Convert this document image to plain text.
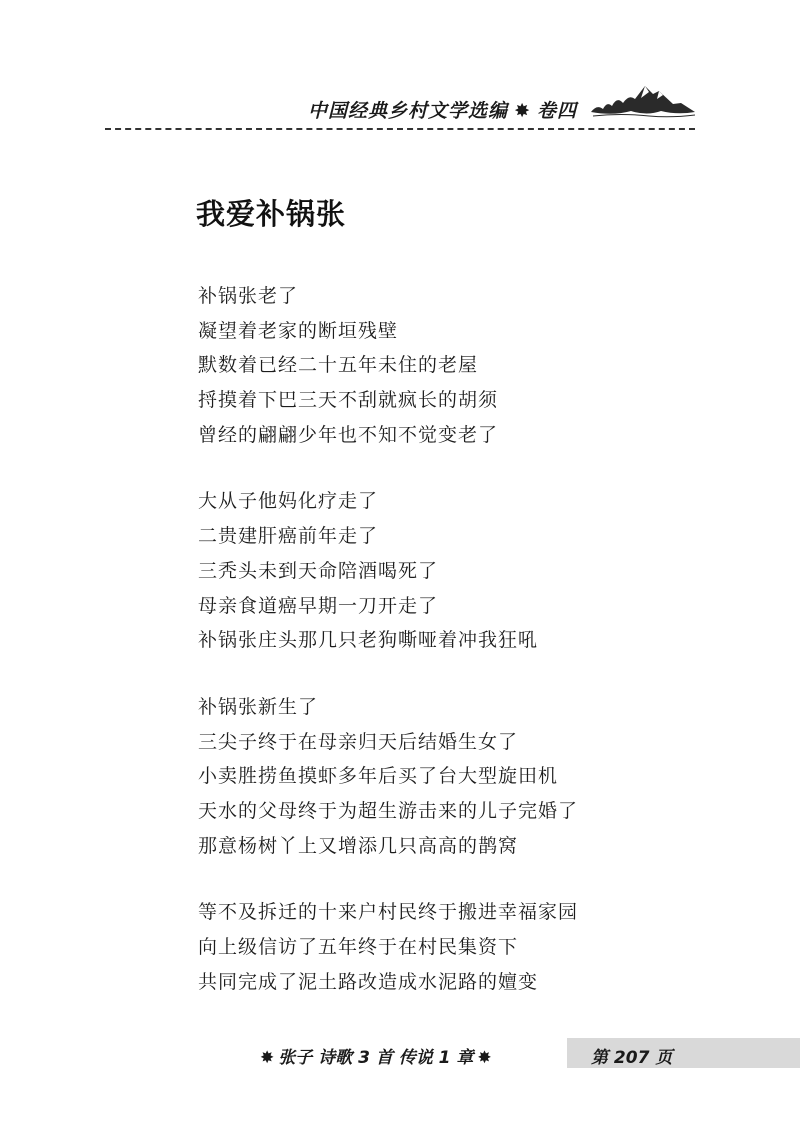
中国经典乡村文学选编 ✸ 卷四
我爱补锅张
补锅张老了
凝望着老家的断垣残壁
默数着已经二十五年未住的老屋
捋摸着下巴三天不刮就疯长的胡须
曾经的翩翩少年也不知不觉变老了
大从子他妈化疗走了
二贵建肝癌前年走了
三秃头未到天命陪酒喝死了
母亲食道癌早期一刀开走了
补锅张庄头那几只老狗嘶哑着冲我狂吼
补锅张新生了
三尖子终于在母亲归天后结婚生女了
小卖胜捞鱼摸虾多年后买了台大型旋田机
天水的父母终于为超生游击来的儿子完婚了
那意杨树丫上又增添几只高高的鹊窝
等不及拆迁的十来户村民终于搬进幸福家园
向上级信访了五年终于在村民集资下
共同完成了泥土路改造成水泥路的嬗变
✸ 张子 诗歌 3 首 传说 1 章 ✸	第 207 页
